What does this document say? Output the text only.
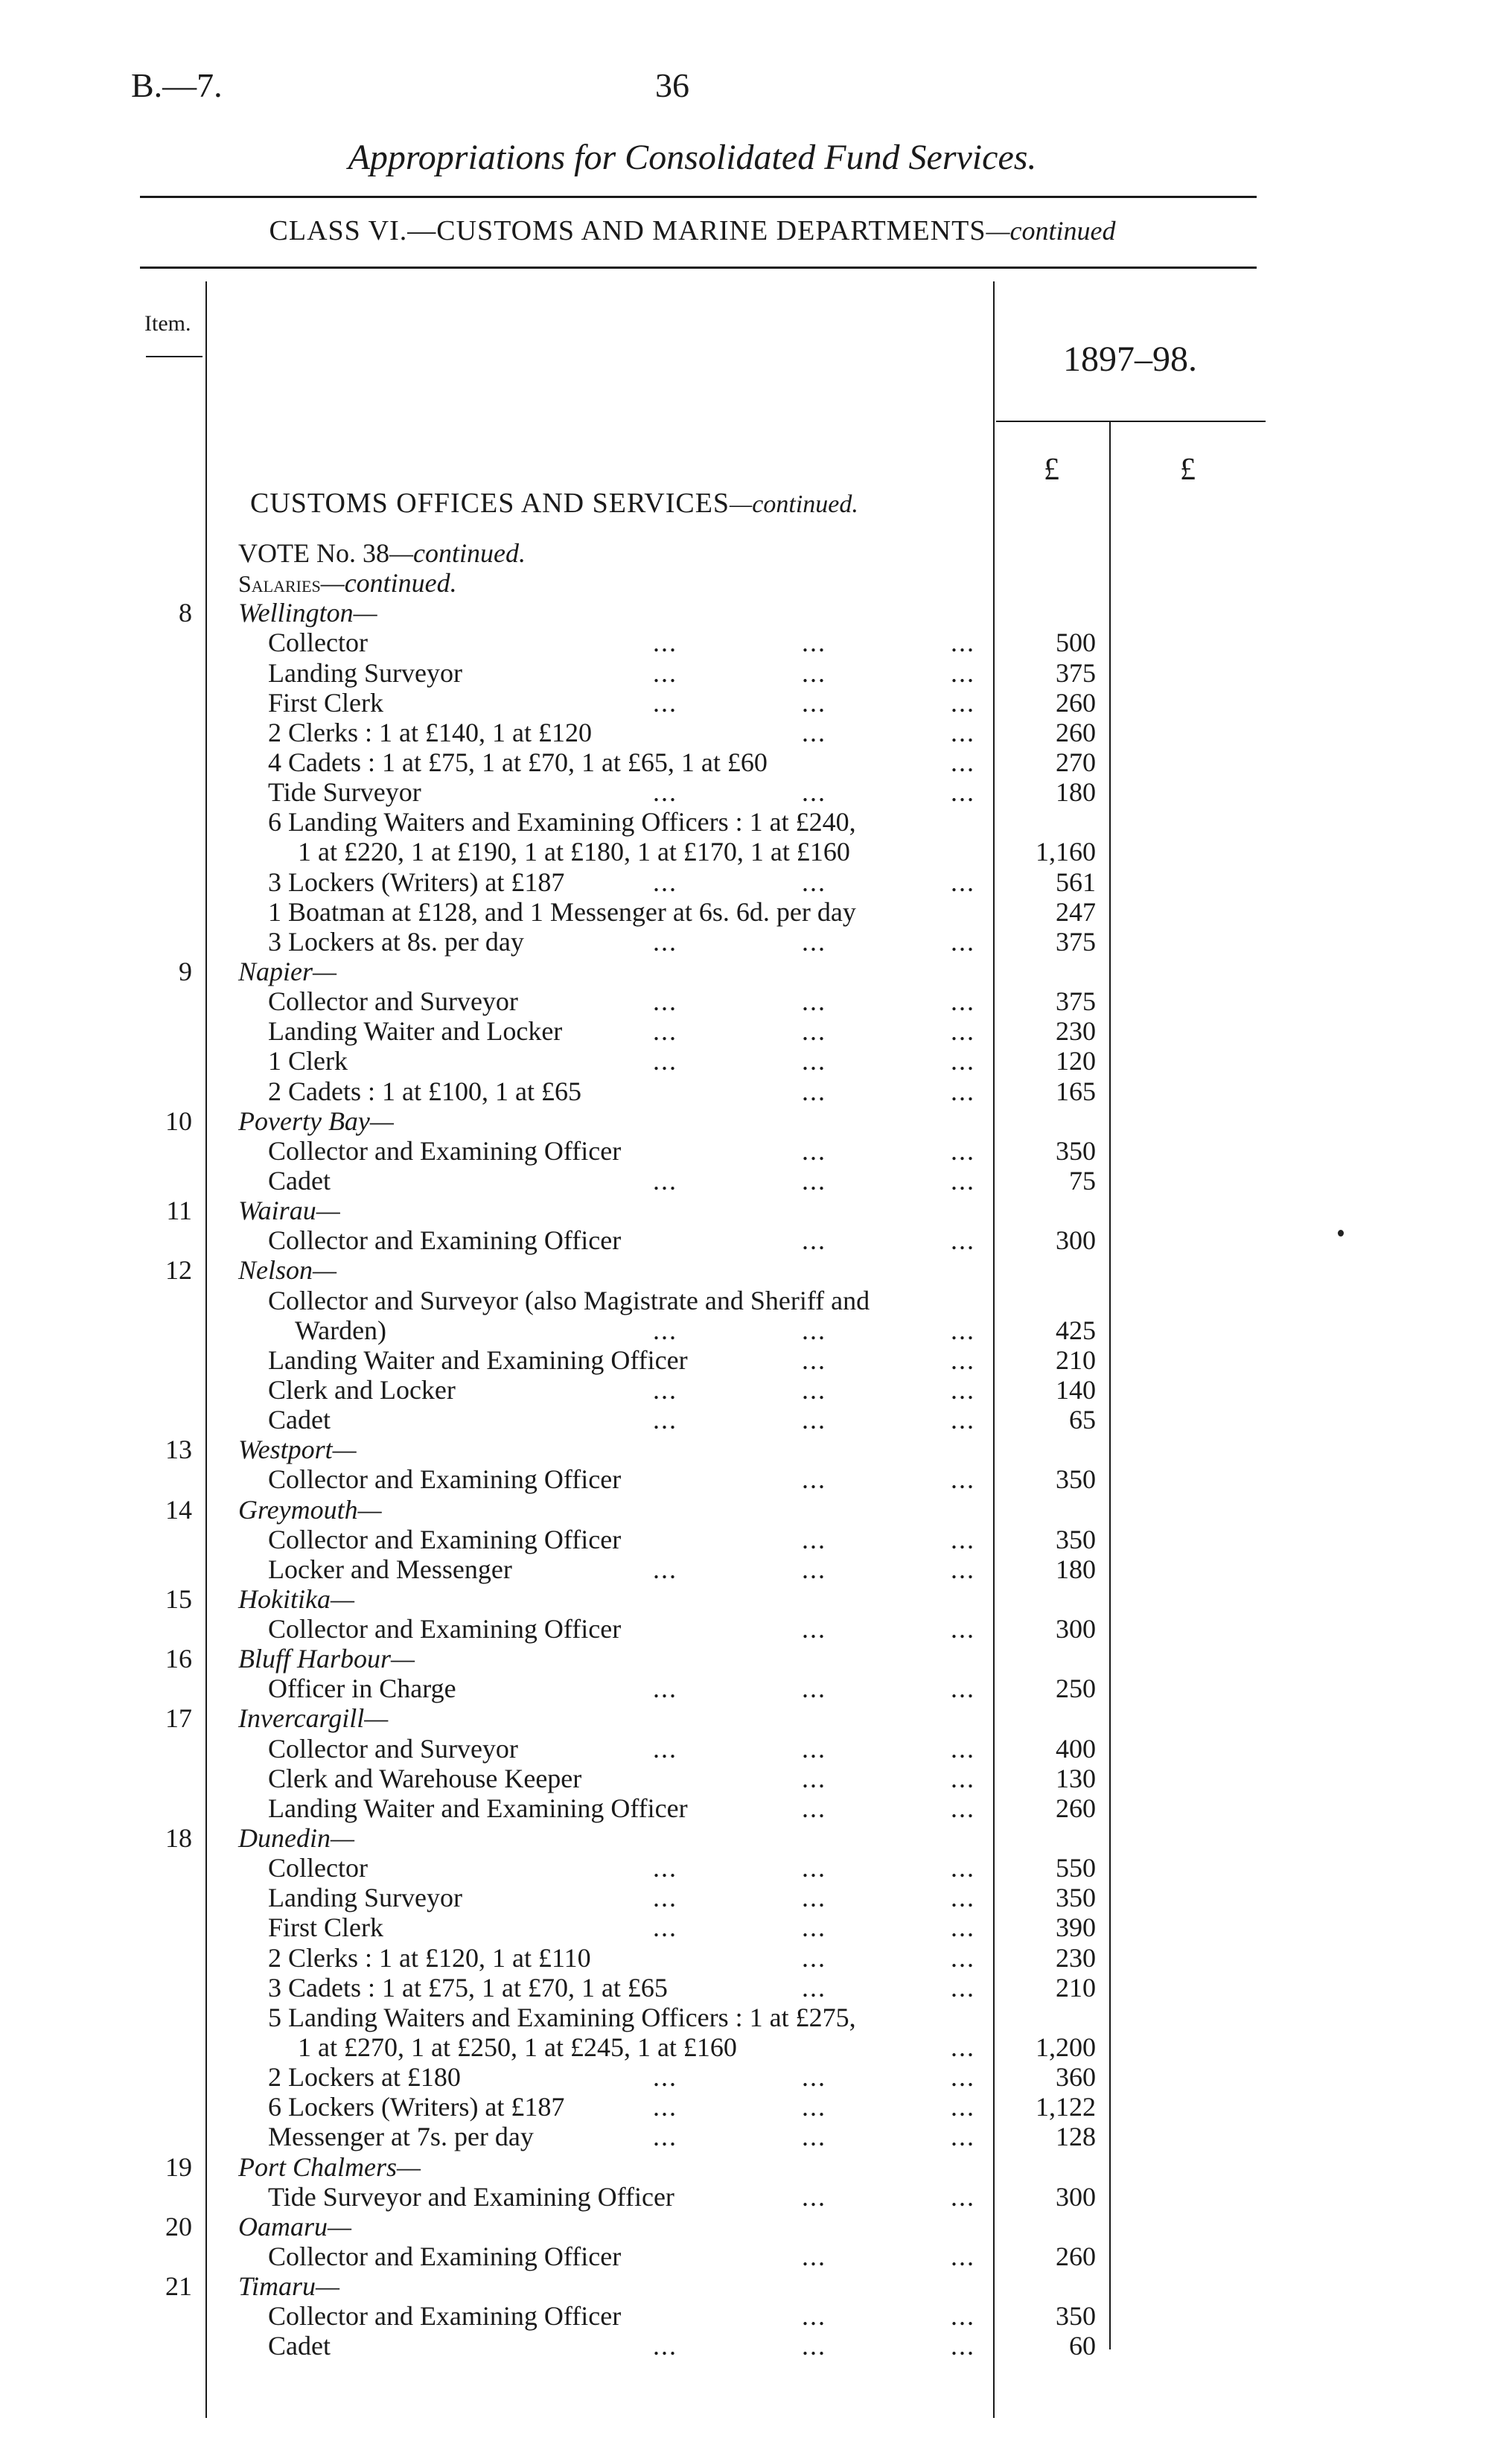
B.—7.	36
Appropriations for Consolidated Fund Services.
CLASS VI.—CUSTOMS AND MARINE DEPARTMENTS—continued
Item.
1897–98.
£	£
CUSTOMS OFFICES AND SERVICES—continued.
VOTE No. 38—continued.
Salaries—continued.
8 Wellington—
Collector	...	...	...	500
Landing Surveyor	...	...	...	375
First Clerk	...	...	...	260
2 Clerks : 1 at £140, 1 at £120	...	...	260
4 Cadets : 1 at £75, 1 at £70, 1 at £65, 1 at £60	...	270
Tide Surveyor	...	...	...	180
6 Landing Waiters and Examining Officers : 1 at £240,
1 at £220, 1 at £190, 1 at £180, 1 at £170, 1 at £160	1,160
3 Lockers (Writers) at £187	...	...	...	561
1 Boatman at £128, and 1 Messenger at 6s. 6d. per day	247
3 Lockers at 8s. per day	...	...	...	375
9 Napier—
Collector and Surveyor	...	...	...	375
Landing Waiter and Locker	...	...	...	230
1 Clerk	...	...	...	120
2 Cadets : 1 at £100, 1 at £65	...	...	165
10 Poverty Bay—
Collector and Examining Officer	...	...	350
Cadet	...	...	...	75
11 Wairau—
Collector and Examining Officer	...	...	300
12 Nelson—
Collector and Surveyor (also Magistrate and Sheriff and
Warden)	...	...	...	425
Landing Waiter and Examining Officer	...	...	210
Clerk and Locker	...	...	...	140
Cadet	...	...	...	65
13 Westport—
Collector and Examining Officer	...	...	350
14 Greymouth—
Collector and Examining Officer	...	...	350
Locker and Messenger	...	...	...	180
15 Hokitika—
Collector and Examining Officer	...	...	300
16 Bluff Harbour—
Officer in Charge	...	...	...	250
17 Invercargill—
Collector and Surveyor	...	...	...	400
Clerk and Warehouse Keeper	...	...	130
Landing Waiter and Examining Officer	...	...	260
18 Dunedin—
Collector	...	...	...	550
Landing Surveyor	...	...	...	350
First Clerk	...	...	...	390
2 Clerks : 1 at £120, 1 at £110	...	...	230
3 Cadets : 1 at £75, 1 at £70, 1 at £65	...	...	210
5 Landing Waiters and Examining Officers : 1 at £275,
1 at £270, 1 at £250, 1 at £245, 1 at £160	...	1,200
2 Lockers at £180	...	...	...	360
6 Lockers (Writers) at £187	...	...	...	1,122
Messenger at 7s. per day	...	...	...	128
19 Port Chalmers—
Tide Surveyor and Examining Officer	...	...	300
20 Oamaru—
Collector and Examining Officer	...	...	260
21 Timaru—
Collector and Examining Officer	...	...	350
Cadet	...	...	...	60
